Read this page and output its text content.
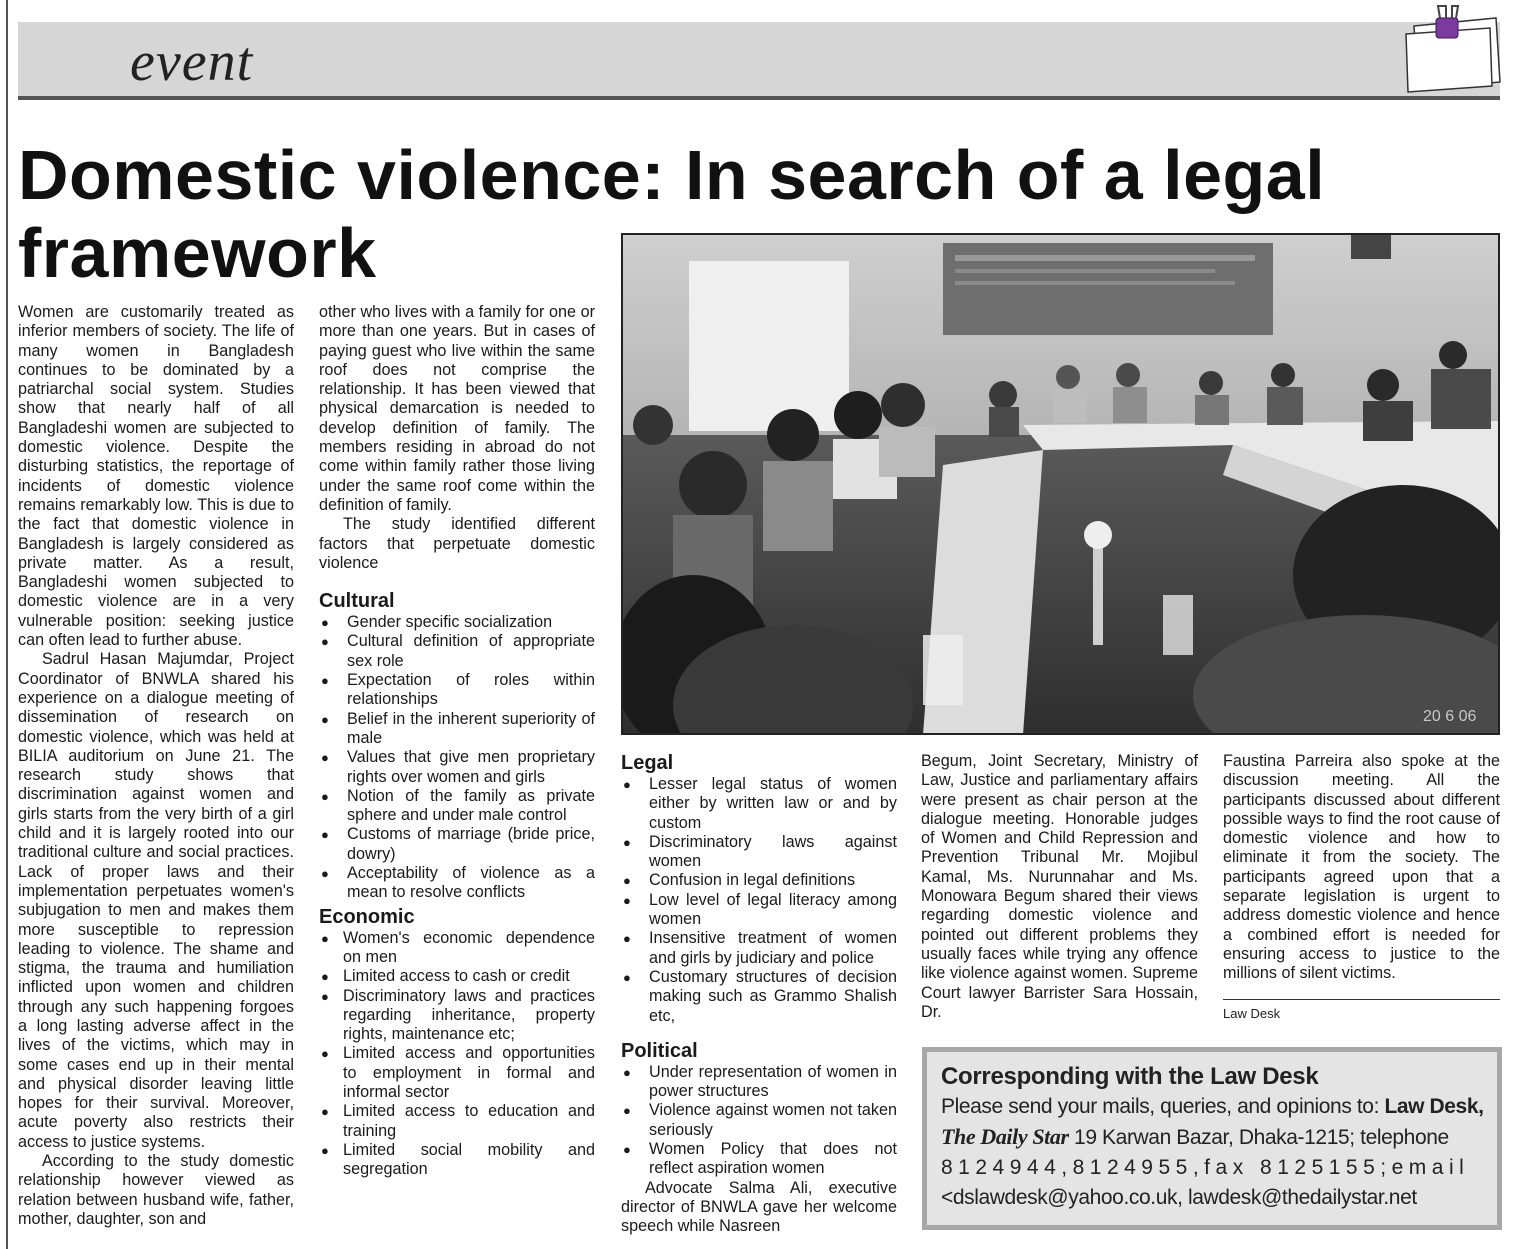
event
Domestic violence: In search of a legal framework

Women are customarily treated as inferior members of society. The life of many women in Bangladesh continues to be dominated by a patriarchal social system. Studies show that nearly half of all Bangladeshi women are subjected to domestic violence. Despite the disturbing statistics, the reportage of incidents of domestic violence remains remarkably low. This is due to the fact that domestic violence in Bangladesh is largely considered as private matter. As a result, Bangladeshi women subjected to domestic violence are in a very vulnerable position: seeking justice can often lead to further abuse.

Sadrul Hasan Majumdar, Project Coordinator of BNWLA shared his experience on a dialogue meeting of dissemination of research on domestic violence, which was held at BILIA auditorium on June 21. The research study shows that discrimination against women and girls starts from the very birth of a girl child and it is largely rooted into our traditional culture and social practices. Lack of proper laws and their implementation perpetuates women's subjugation to men and makes them more susceptible to repression leading to violence. The shame and stigma, the trauma and humiliation inflicted upon women and children through any such happening forgoes a long lasting adverse affect in the lives of the victims, which may in some cases end up in their mental and physical disorder leaving little hopes for their survival. Moreover, acute poverty also restricts their access to justice systems.

According to the study domestic relationship however viewed as relation between husband wife, father, mother, daughter, son and

other who lives with a family for one or more than one years. But in cases of paying guest who live within the same roof does not comprise the relationship. It has been viewed that physical demarcation is needed to develop definition of family. The members residing in abroad do not come within family rather those living under the same roof come within the definition of family.

The study identified different factors that perpetuate domestic violence

Cultural
● Gender specific socialization
● Cultural definition of appropriate sex role
● Expectation of roles within relationships
● Belief in the inherent superiority of male
● Values that give men proprietary rights over women and girls
● Notion of the family as private sphere and under male control
● Customs of marriage (bride price, dowry)
● Acceptability of violence as a mean to resolve conflicts
Economic
● Women's economic dependence on men
● Limited access to cash or credit
● Discriminatory laws and practices regarding inheritance, property rights, maintenance etc;
● Limited access and opportunities to employment in formal and informal sector
● Limited access to education and training
● Limited social mobility and segregation
20 6 06
Legal
● Lesser legal status of women either by written law or and by custom
● Discriminatory laws against women
● Confusion in legal definitions
● Low level of legal literacy among women
● Insensitive treatment of women and girls by judiciary and police
● Customary structures of decision making such as Grammo Shalish etc,
Political
● Under representation of women in power structures
● Violence against women not taken seriously
● Women Policy that does not reflect aspiration women

Advocate Salma Ali, executive director of BNWLA gave her welcome speech while Nasreen

Begum, Joint Secretary, Ministry of Law, Justice and parliamentary affairs were present as chair person at the dialogue meeting. Honorable judges of Women and Child Repression and Prevention Tribunal Mr. Mojibul Kamal, Ms. Nurunnahar and Ms. Monowara Begum shared their views regarding domestic violence and pointed out different problems they usually faces while trying any offence like violence against women. Supreme Court lawyer Barrister Sara Hossain, Dr.

Faustina Parreira also spoke at the discussion meeting. All the participants discussed about different possible ways to find the root cause of domestic violence and how to eliminate it from the society. The participants agreed upon that a separate legislation is urgent to address domestic violence and hence a combined effort is needed for ensuring access to justice to the millions of silent victims.

Law Desk
Corresponding with the Law Desk
Please send your mails, queries, and opinions to: Law Desk,
The Daily Star 19 Karwan Bazar, Dhaka-1215; telephone
8124944,8124955,fax 8125155;email
<dslawdesk@yahoo.co.uk, lawdesk@thedailystar.net
